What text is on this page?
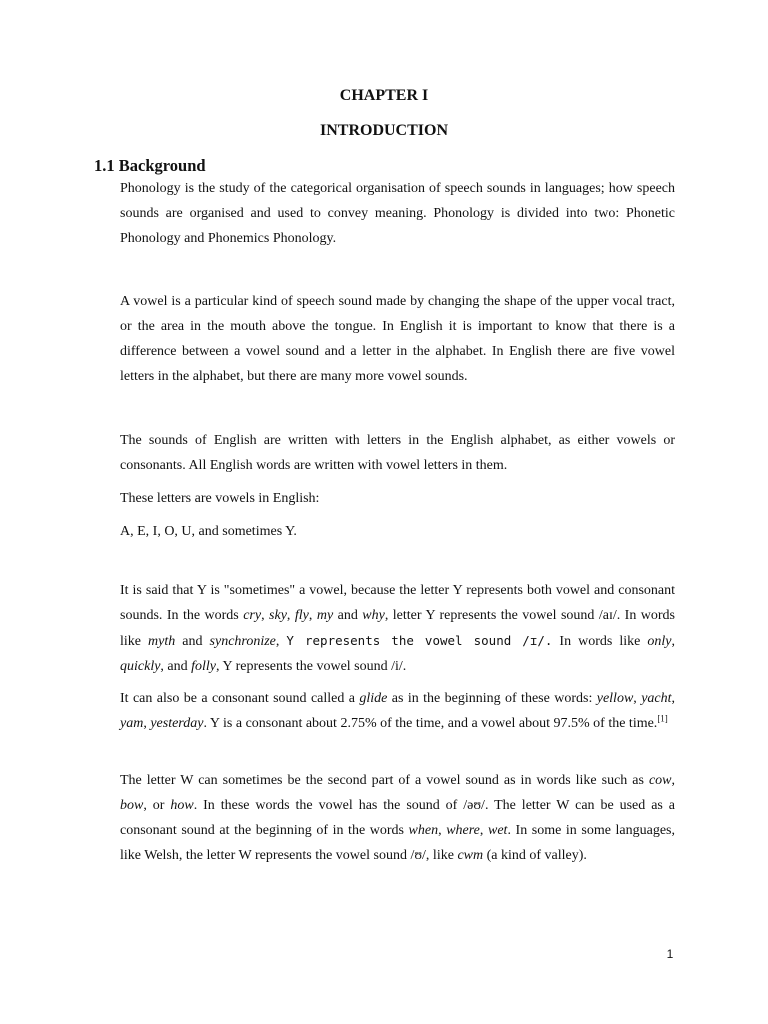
CHAPTER I
INTRODUCTION
1.1 Background

Phonology is the study of the categorical organisation of speech sounds in languages; how speech sounds are organised and used to convey meaning. Phonology is divided into two: Phonetic Phonology and Phonemics Phonology.

A vowel is a particular kind of speech sound made by changing the shape of the upper vocal tract, or the area in the mouth above the tongue. In English it is important to know that there is a difference between a vowel sound and a letter in the alphabet. In English there are five vowel letters in the alphabet, but there are many more vowel sounds.

The sounds of English are written with letters in the English alphabet, as either vowels or consonants. All English words are written with vowel letters in them.

These letters are vowels in English:

A, E, I, O, U, and sometimes Y.

It is said that Y is "sometimes" a vowel, because the letter Y represents both vowel and consonant sounds. In the words cry, sky, fly, my and why, letter Y represents the vowel sound /aɪ/. In words like myth and synchronize, Y represents the vowel sound /ɪ/. In words like only, quickly, and folly, Y represents the vowel sound /i/.

It can also be a consonant sound called a glide as in the beginning of these words: yellow, yacht, yam, yesterday. Y is a consonant about 2.75% of the time, and a vowel about 97.5% of the time.[1]

The letter W can sometimes be the second part of a vowel sound as in words like such as cow, bow, or how. In these words the vowel has the sound of /əʊ/. The letter W can be used as a consonant sound at the beginning of in the words when, where, wet. In some in some languages, like Welsh, the letter W represents the vowel sound /ʊ/, like cwm (a kind of valley).

1
